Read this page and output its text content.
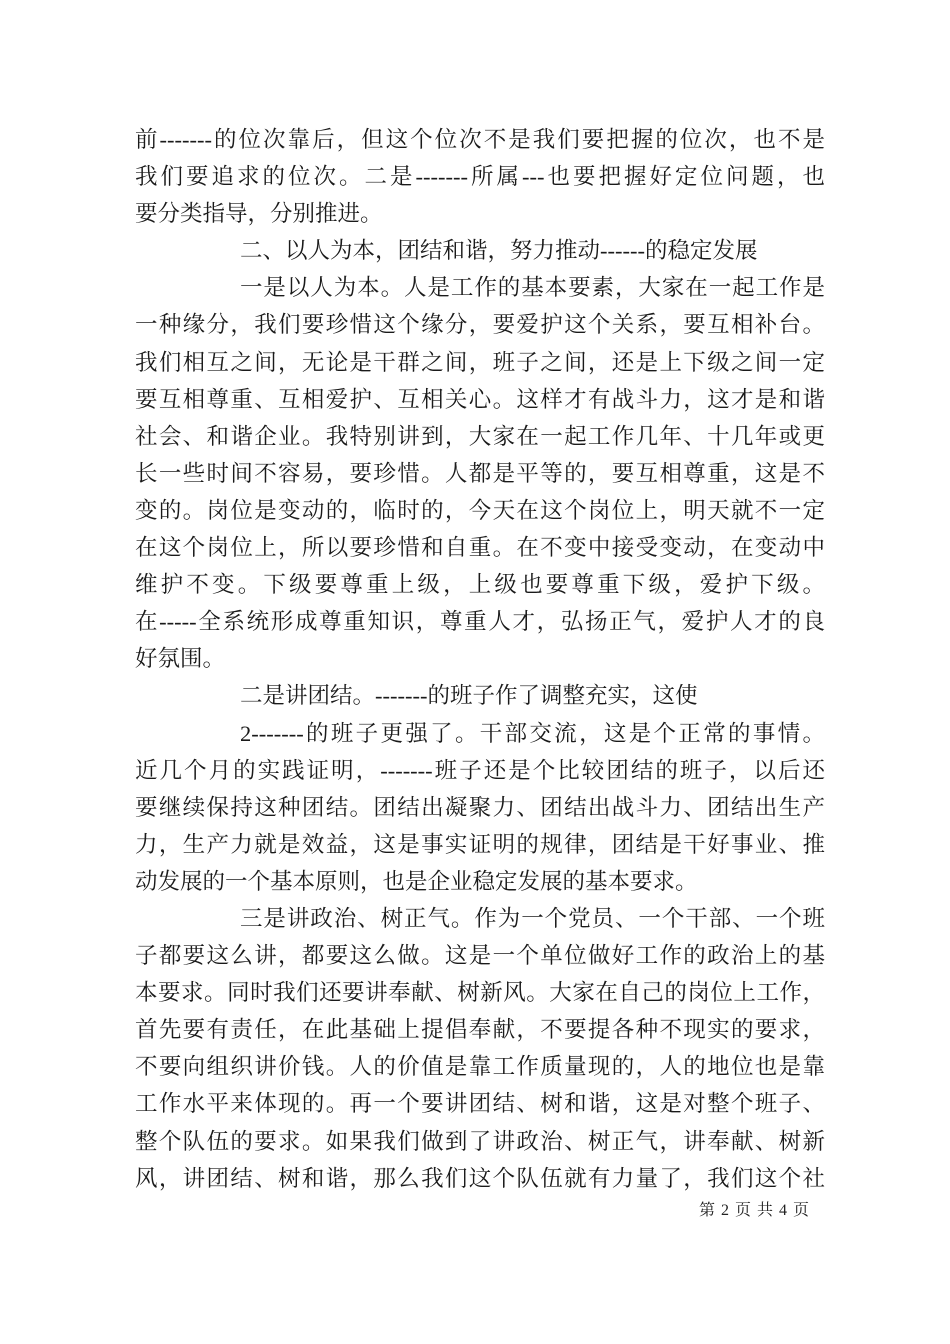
前-------的位次靠后，但这个位次不是我们要把握的位次，也不是
我们要追求的位次。二是-------所属---也要把握好定位问题，也
要分类指导，分别推进。
二、以人为本，团结和谐，努力推动------的稳定发展
一是以人为本。人是工作的基本要素，大家在一起工作是
一种缘分，我们要珍惜这个缘分，要爱护这个关系，要互相补台。
我们相互之间，无论是干群之间，班子之间，还是上下级之间一定
要互相尊重、互相爱护、互相关心。这样才有战斗力，这才是和谐
社会、和谐企业。我特别讲到，大家在一起工作几年、十几年或更
长一些时间不容易，要珍惜。人都是平等的，要互相尊重，这是不
变的。岗位是变动的，临时的，今天在这个岗位上，明天就不一定
在这个岗位上，所以要珍惜和自重。在不变中接受变动，在变动中
维护不变。下级要尊重上级，上级也要尊重下级，爱护下级。
在-----全系统形成尊重知识，尊重人才，弘扬正气，爱护人才的良
好氛围。
二是讲团结。-------的班子作了调整充实，这使
2-------的班子更强了。干部交流，这是个正常的事情。
近几个月的实践证明，-------班子还是个比较团结的班子，以后还
要继续保持这种团结。团结出凝聚力、团结出战斗力、团结出生产
力，生产力就是效益，这是事实证明的规律，团结是干好事业、推
动发展的一个基本原则，也是企业稳定发展的基本要求。
三是讲政治、树正气。作为一个党员、一个干部、一个班
子都要这么讲，都要这么做。这是一个单位做好工作的政治上的基
本要求。同时我们还要讲奉献、树新风。大家在自己的岗位上工作，
首先要有责任，在此基础上提倡奉献，不要提各种不现实的要求，
不要向组织讲价钱。人的价值是靠工作质量现的，人的地位也是靠
工作水平来体现的。再一个要讲团结、树和谐，这是对整个班子、
整个队伍的要求。如果我们做到了讲政治、树正气，讲奉献、树新
风，讲团结、树和谐，那么我们这个队伍就有力量了，我们这个社
第 2 页 共 4 页
